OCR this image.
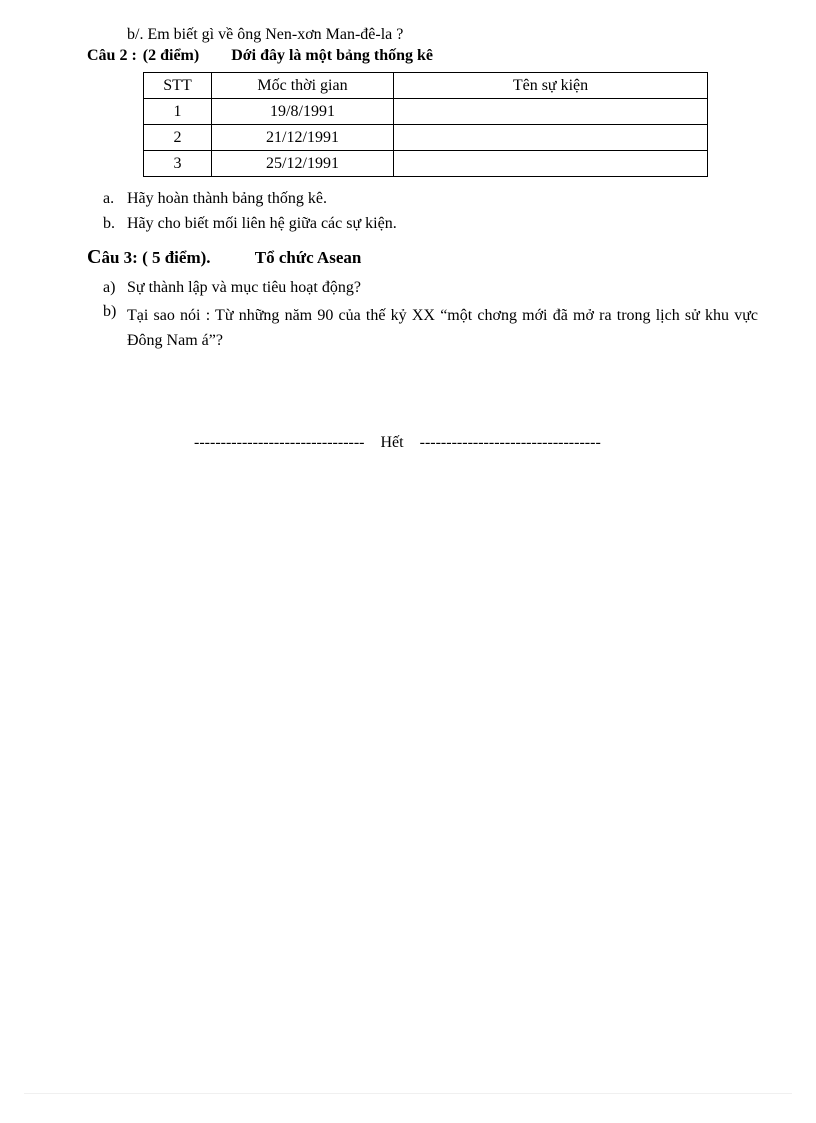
b/. Em biết gì về ông Nen-xơn Man-đê-la ?
Câu 2 : (2 điểm) Dới đây là một bảng thống kê
STT	Mốc thời gian	Tên sự kiện
1	19/8/1991	
2	21/12/1991	
3	25/12/1991	
a. Hãy hoàn thành bảng thống kê.
b. Hãy cho biết mối liên hệ giữa các sự kiện.
Câu 3: ( 5 điểm).	Tổ chức Asean
a) Sự thành lập và mục tiêu hoạt động?
b) Tại sao nói : Từ những năm 90 của thế kỷ XX “một chơng mới đã mở ra trong lịch sử khu vực Đông Nam á”?
-------------------------------- Hết ----------------------------------
